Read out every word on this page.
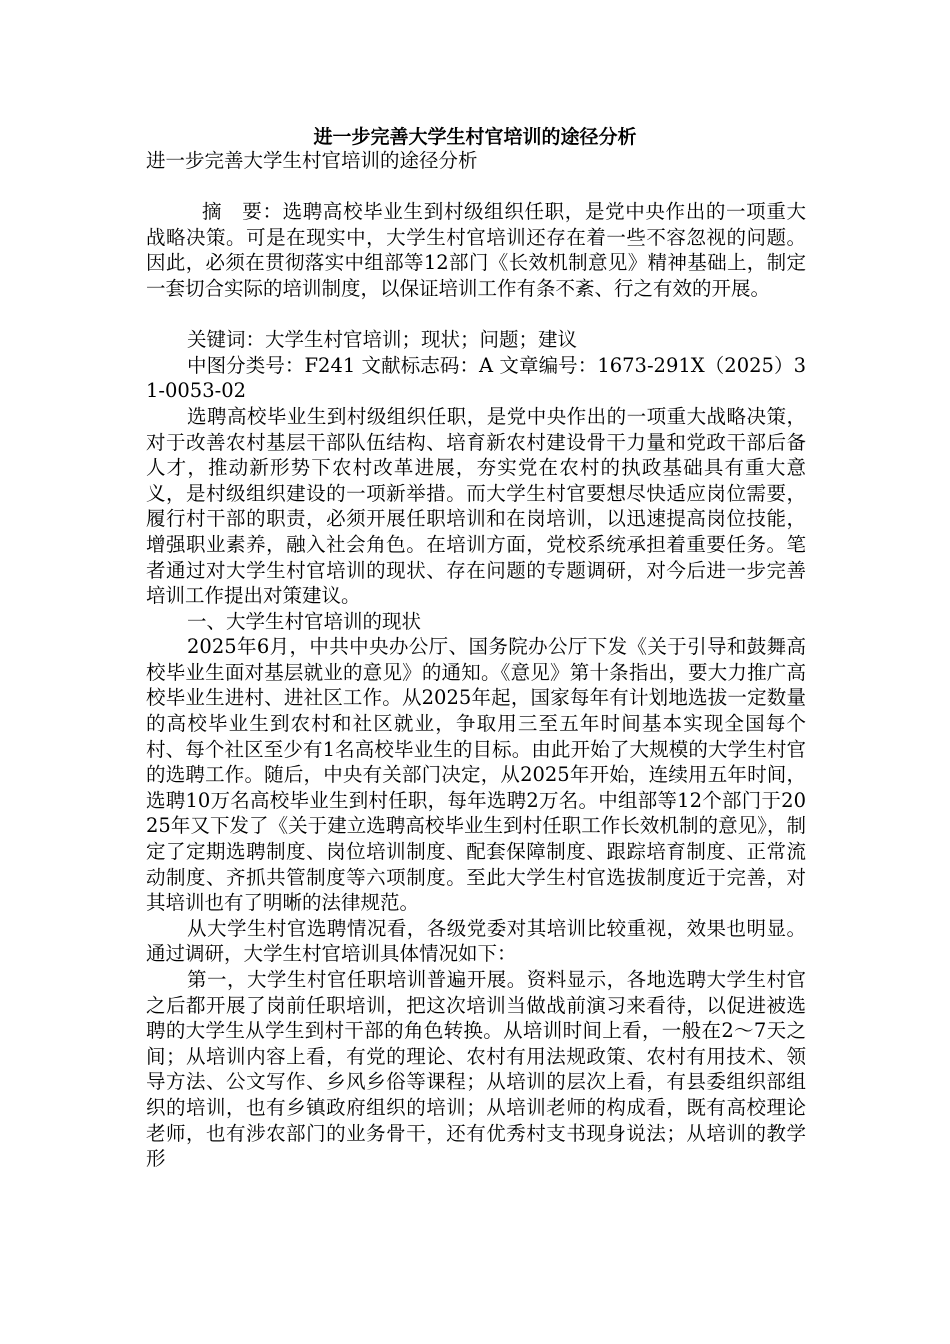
进一步完善大学生村官培训的途径分析

进一步完善大学生村官培训的途径分析

摘　要：选聘高校毕业生到村级组织任职，是党中央作出的一项重大战略决策。可是在现实中，大学生村官培训还存在着一些不容忽视的问题。因此，必须在贯彻落实中组部等12部门《长效机制意见》精神基础上，制定一套切合实际的培训制度，以保证培训工作有条不紊、行之有效的开展。

关键词：大学生村官培训；现状；问题；建议

中图分类号：F241 文献标志码：A 文章编号：1673-291X（2025）31-0053-02

选聘高校毕业生到村级组织任职，是党中央作出的一项重大战略决策，对于改善农村基层干部队伍结构、培育新农村建设骨干力量和党政干部后备人才，推动新形势下农村改革进展，夯实党在农村的执政基础具有重大意义，是村级组织建设的一项新举措。而大学生村官要想尽快适应岗位需要，履行村干部的职责，必须开展任职培训和在岗培训，以迅速提高岗位技能，增强职业素养，融入社会角色。在培训方面，党校系统承担着重要任务。笔者通过对大学生村官培训的现状、存在问题的专题调研，对今后进一步完善培训工作提出对策建议。

一、大学生村官培训的现状

2025年6月，中共中央办公厅、国务院办公厅下发《关于引导和鼓舞高校毕业生面对基层就业的意见》的通知。《意见》第十条指出，要大力推广高校毕业生进村、进社区工作。从2025年起，国家每年有计划地选拔一定数量的高校毕业生到农村和社区就业，争取用三至五年时间基本实现全国每个村、每个社区至少有1名高校毕业生的目标。由此开始了大规模的大学生村官的选聘工作。随后，中央有关部门决定，从2025年开始，连续用五年时间，选聘10万名高校毕业生到村任职，每年选聘2万名。中组部等12个部门于2025年又下发了《关于建立选聘高校毕业生到村任职工作长效机制的意见》，制定了定期选聘制度、岗位培训制度、配套保障制度、跟踪培育制度、正常流动制度、齐抓共管制度等六项制度。至此大学生村官选拔制度近于完善，对其培训也有了明晰的法律规范。

从大学生村官选聘情况看，各级党委对其培训比较重视，效果也明显。通过调研，大学生村官培训具体情况如下：

第一，大学生村官任职培训普遍开展。资料显示，各地选聘大学生村官之后都开展了岗前任职培训，把这次培训当做战前演习来看待，以促进被选聘的大学生从学生到村干部的角色转换。从培训时间上看，一般在2～7天之间；从培训内容上看，有党的理论、农村有用法规政策、农村有用技术、领导方法、公文写作、乡风乡俗等课程；从培训的层次上看，有县委组织部组织的培训，也有乡镇政府组织的培训；从培训老师的构成看，既有高校理论老师，也有涉农部门的业务骨干，还有优秀村支书现身说法；从培训的教学形
